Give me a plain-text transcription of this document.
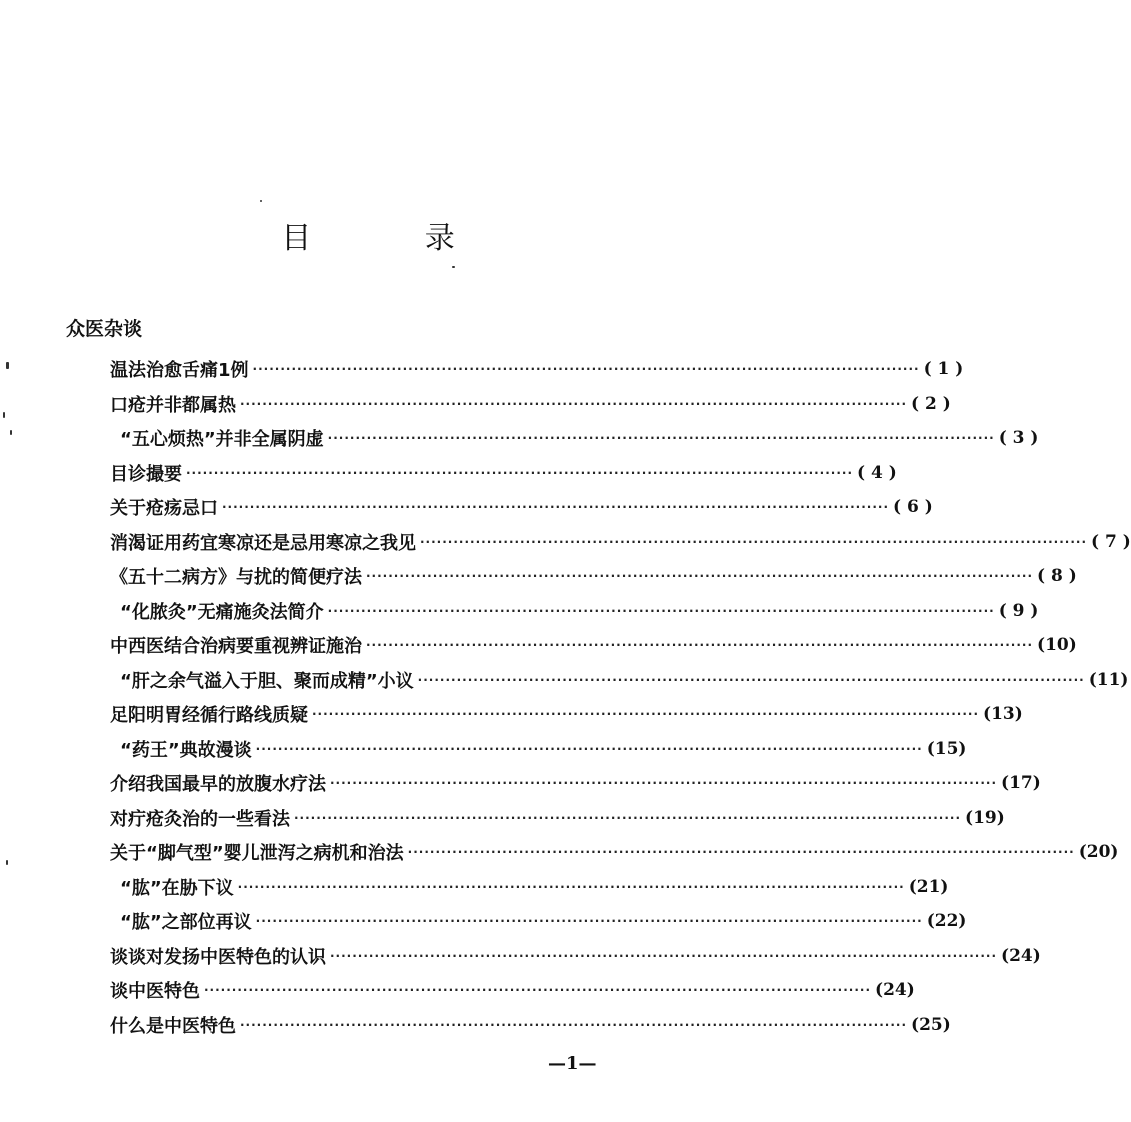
目 录
众医杂谈
温法治愈舌痛1例 ························································································································ ( 1 )
口疮并非都属热 ························································································································ ( 2 )
“五心烦热”并非全属阴虚 ························································································································ ( 3 )
目诊撮要 ························································································································ ( 4 )
关于疮疡忌口 ························································································································ ( 6 )
消渴证用药宜寒凉还是忌用寒凉之我见 ························································································································ ( 7 )
《五十二病方》与扰的简便疗法 ························································································································ ( 8 )
“化脓灸”无痛施灸法简介 ························································································································ ( 9 )
中西医结合治病要重视辨证施治 ························································································································ (10)
“肝之余气溢入于胆、聚而成精”小议 ························································································································ (11)
足阳明胃经循行路线质疑 ························································································································ (13)
“药王”典故漫谈 ························································································································ (15)
介绍我国最早的放腹水疗法 ························································································································ (17)
对疔疮灸治的一些看法 ························································································································ (19)
关于“脚气型”婴儿泄泻之病机和治法 ························································································································ (20)
“肱”在胁下议 ························································································································ (21)
“肱”之部位再议 ························································································································ (22)
谈谈对发扬中医特色的认识 ························································································································ (24)
谈中医特色 ························································································································ (24)
什么是中医特色 ························································································································ (25)
—1—
